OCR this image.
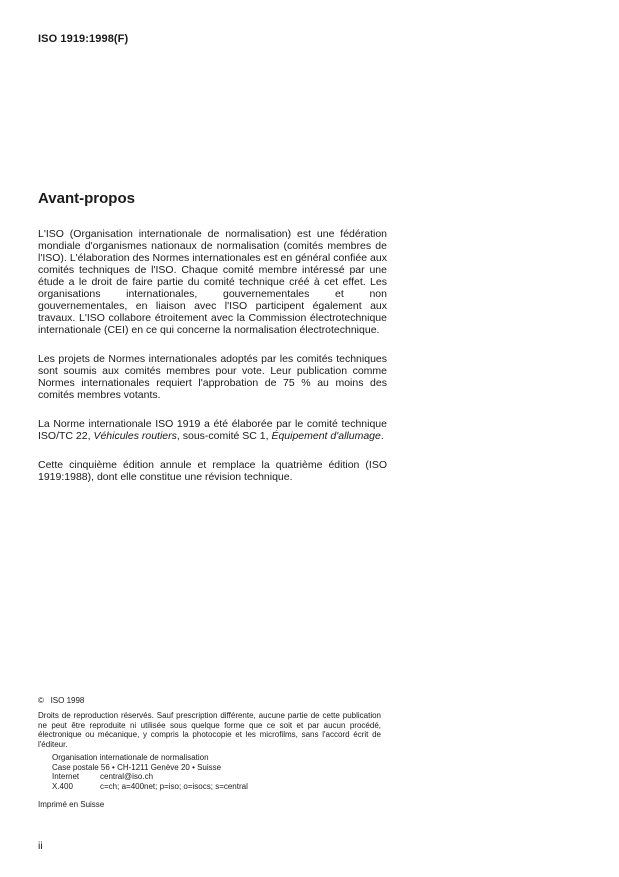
ISO 1919:1998(F)
Avant-propos

L'ISO (Organisation internationale de normalisation) est une fédération mondiale d'organismes nationaux de normalisation (comités membres de l'ISO). L'élaboration des Normes internationales est en général confiée aux comités techniques de l'ISO. Chaque comité membre intéressé par une étude a le droit de faire partie du comité technique créé à cet effet. Les organisations internationales, gouvernementales et non gouvernementales, en liaison avec l'ISO participent également aux travaux. L'ISO collabore étroitement avec la Commission électrotechnique internationale (CEI) en ce qui concerne la normalisation électrotechnique.

Les projets de Normes internationales adoptés par les comités techniques sont soumis aux comités membres pour vote. Leur publication comme Normes internationales requiert l'approbation de 75 % au moins des comités membres votants.

La Norme internationale ISO 1919 a été élaborée par le comité technique ISO/TC 22, Véhicules routiers, sous-comité SC 1, Équipement d'allumage.

Cette cinquième édition annule et remplace la quatrième édition (ISO 1919:1988), dont elle constitue une révision technique.

©   ISO 1998
Droits de reproduction réservés. Sauf prescription différente, aucune partie de cette publication ne peut être reproduite ni utilisée sous quelque forme que ce soit et par aucun procédé, électronique ou mécanique, y compris la photocopie et les microfilms, sans l'accord écrit de l'éditeur.
Organisation internationale de normalisation
Case postale 56 • CH-1211 Genève 20 • Suisse
Internet	central@iso.ch
X.400	c=ch; a=400net; p=iso; o=isocs; s=central
Imprimé en Suisse
ii
